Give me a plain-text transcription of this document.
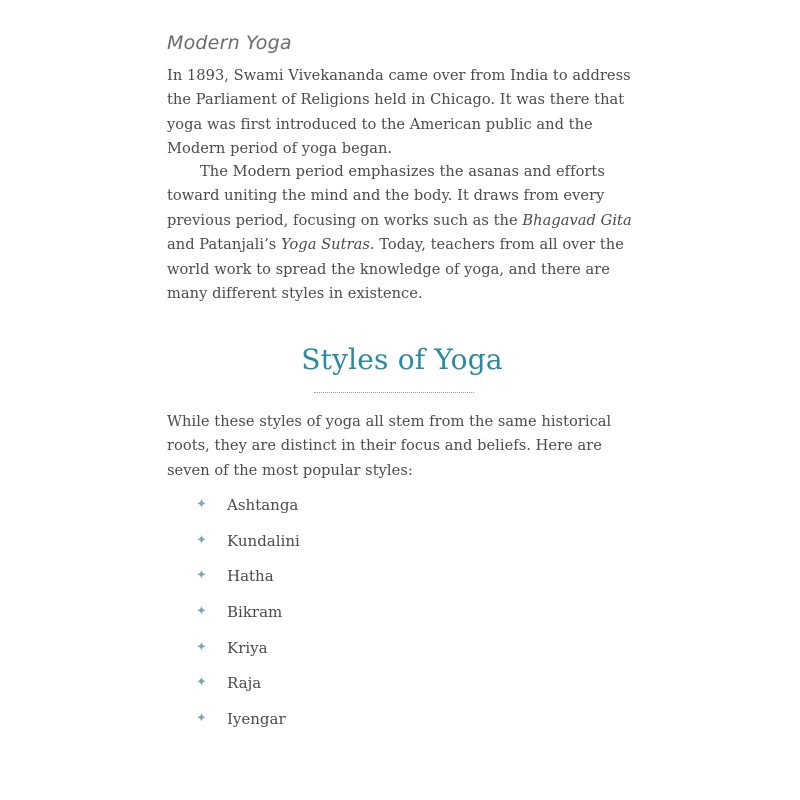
Modern Yoga
In 1893, Swami Vivekananda came over from India to address the Parliament of Religions held in Chicago. It was there that yoga was first introduced to the American public and the Modern period of yoga began.
The Modern period emphasizes the asanas and efforts toward uniting the mind and the body. It draws from every previous period, focusing on works such as the Bhagavad Gita and Patanjali’s Yoga Sutras. Today, teachers from all over the world work to spread the knowledge of yoga, and there are many different styles in existence.
Styles of Yoga
While these styles of yoga all stem from the same historical roots, they are distinct in their focus and beliefs. Here are seven of the most popular styles:
✦ Ashtanga
✦ Kundalini
✦ Hatha
✦ Bikram
✦ Kriya
✦ Raja
✦ Iyengar
